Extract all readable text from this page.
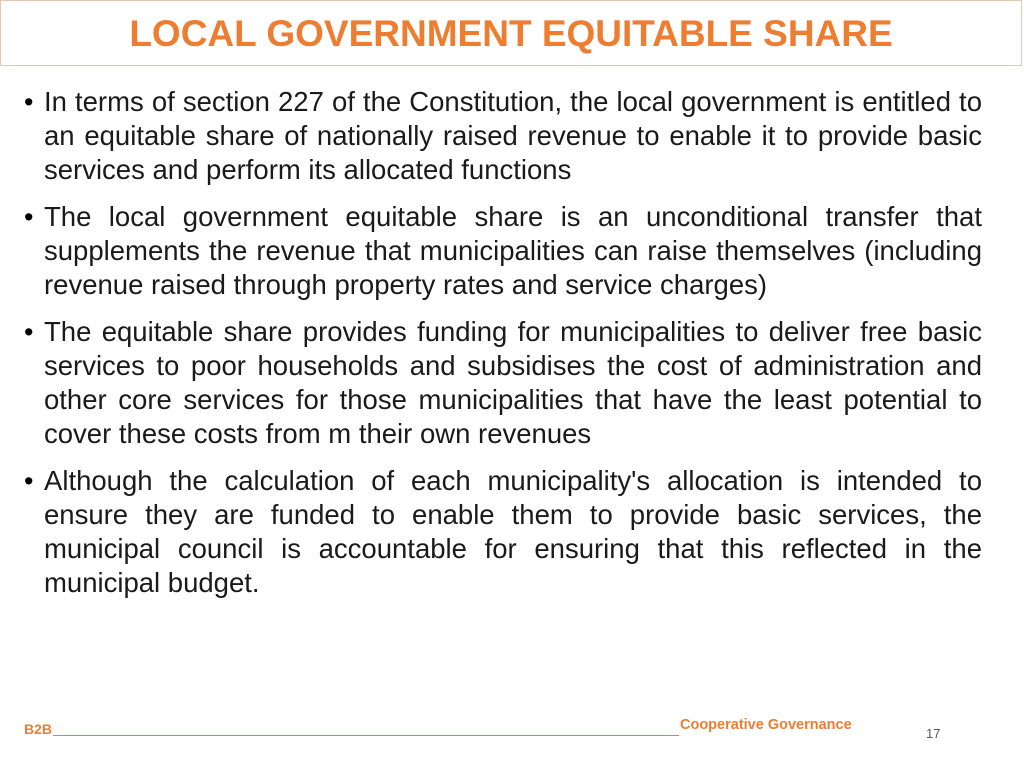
LOCAL GOVERNMENT EQUITABLE SHARE
• In terms of section 227 of the Constitution, the local government is entitled to an equitable share of nationally raised revenue to enable it to provide basic services and perform its allocated functions

• The local government equitable share is an unconditional transfer that supplements the revenue that municipalities can raise themselves (including revenue raised through property rates and service charges)

• The equitable share provides funding for municipalities to deliver free basic services to poor households and subsidises the cost of administration and other core services for those municipalities that have the least potential to cover these costs from m their own revenues

• Although the calculation of each municipality's allocation is intended to ensure they are funded to enable them to provide basic services, the municipal council is accountable for ensuring that this reflected in the municipal budget.

B2B	Cooperative Governance
17
